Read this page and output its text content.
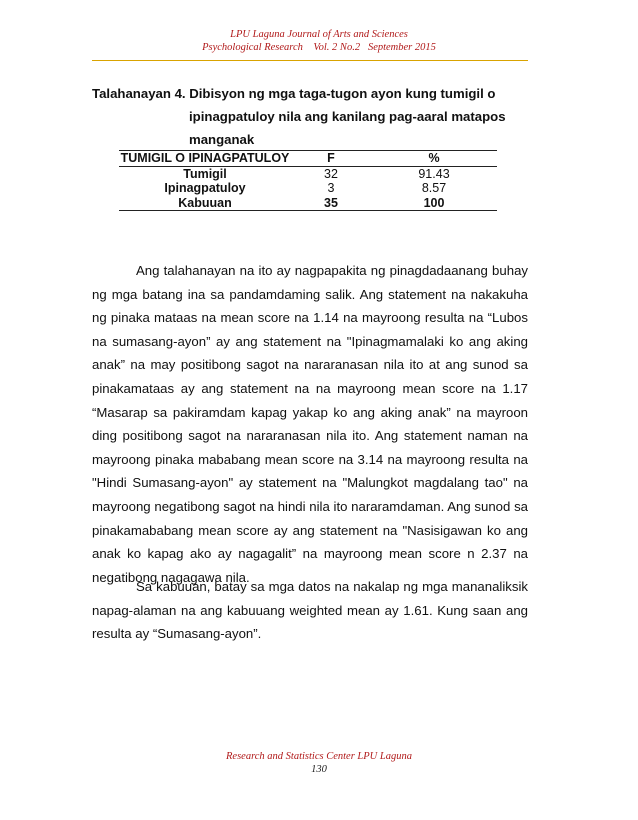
LPU Laguna Journal of Arts and Sciences
Psychological Research    Vol. 2 No.2   September 2015
Talahanayan 4. Dibisyon ng mga taga-tugon ayon kung tumigil o
ipinagpatuloy nila ang kanilang pag-aaral matapos
manganak
TUMIGIL O IPINAGPATULOY	F	%
Tumigil	32	91.43
Ipinagpatuloy	3	8.57
Kabuuan	35	100
Ang talahanayan na ito ay nagpapakita ng pinagdadaanang buhay ng mga batang ina sa pandamdaming salik. Ang statement na nakakuha ng pinaka mataas na mean score na 1.14 na mayroong resulta na “Lubos na sumasang-ayon” ay ang statement na "Ipinagmamalaki ko ang aking anak” na may positibong sagot na nararanasan nila ito at ang sunod sa pinakamataas ay ang statement na na mayroong mean score na 1.17 “Masarap sa pakiramdam kapag yakap ko ang aking anak” na mayroon ding positibong sagot na nararanasan nila ito. Ang statement naman na mayroong pinaka mababang mean score na 3.14 na mayroong resulta na "Hindi Sumasang-ayon" ay statement na "Malungkot magdalang tao" na mayroong negatibong sagot na hindi nila ito nararamdaman. Ang sunod sa pinakamababang mean score ay ang statement na "Nasisigawan ko ang anak ko kapag ako ay nagagalit” na mayroong mean score n 2.37 na negatibong nagagawa nila.
Sa kabuuan, batay sa mga datos na nakalap ng mga mananaliksik napag-alaman na ang kabuuang weighted mean ay 1.61. Kung saan ang resulta ay “Sumasang-ayon”.
Research and Statistics Center LPU Laguna
130
